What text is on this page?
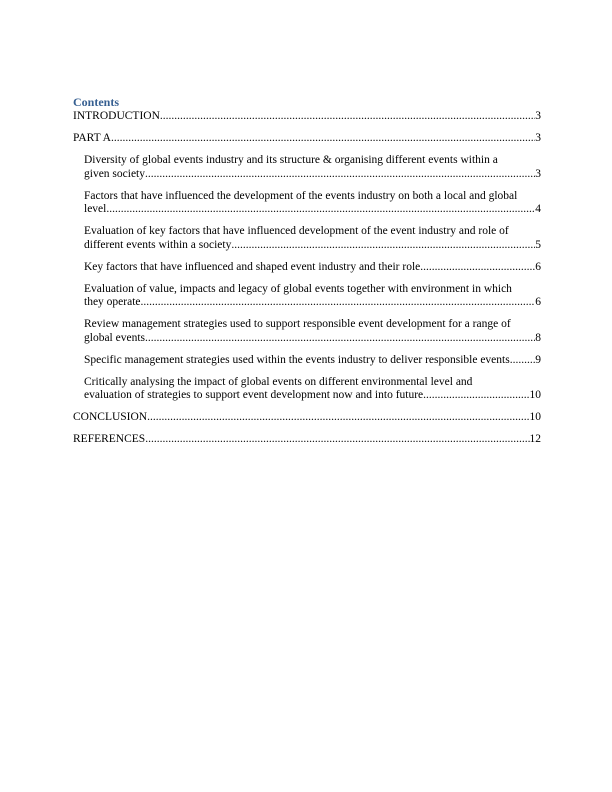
Contents
INTRODUCTION .....	3
PART A .....	3
Diversity of global events industry and its structure & organising different events within a
given society .....	3
Factors that have influenced the development of the events industry on both a local and global
level .....	4
Evaluation of key factors that have influenced development of the event industry and role of
different events within a society .....	5
Key factors that have influenced and shaped event industry and their role .....	6
Evaluation of value, impacts and legacy of global events together with environment in which
they operate .....	6
Review management strategies used to support responsible event development for a range of
global events .....	8
Specific management strategies used within the events industry to deliver responsible events ..... 9
Critically analysing the impact of global events on different environmental level and
evaluation of strategies to support event development now and into future .....	10
CONCLUSION .....	10
REFERENCES .....	12
